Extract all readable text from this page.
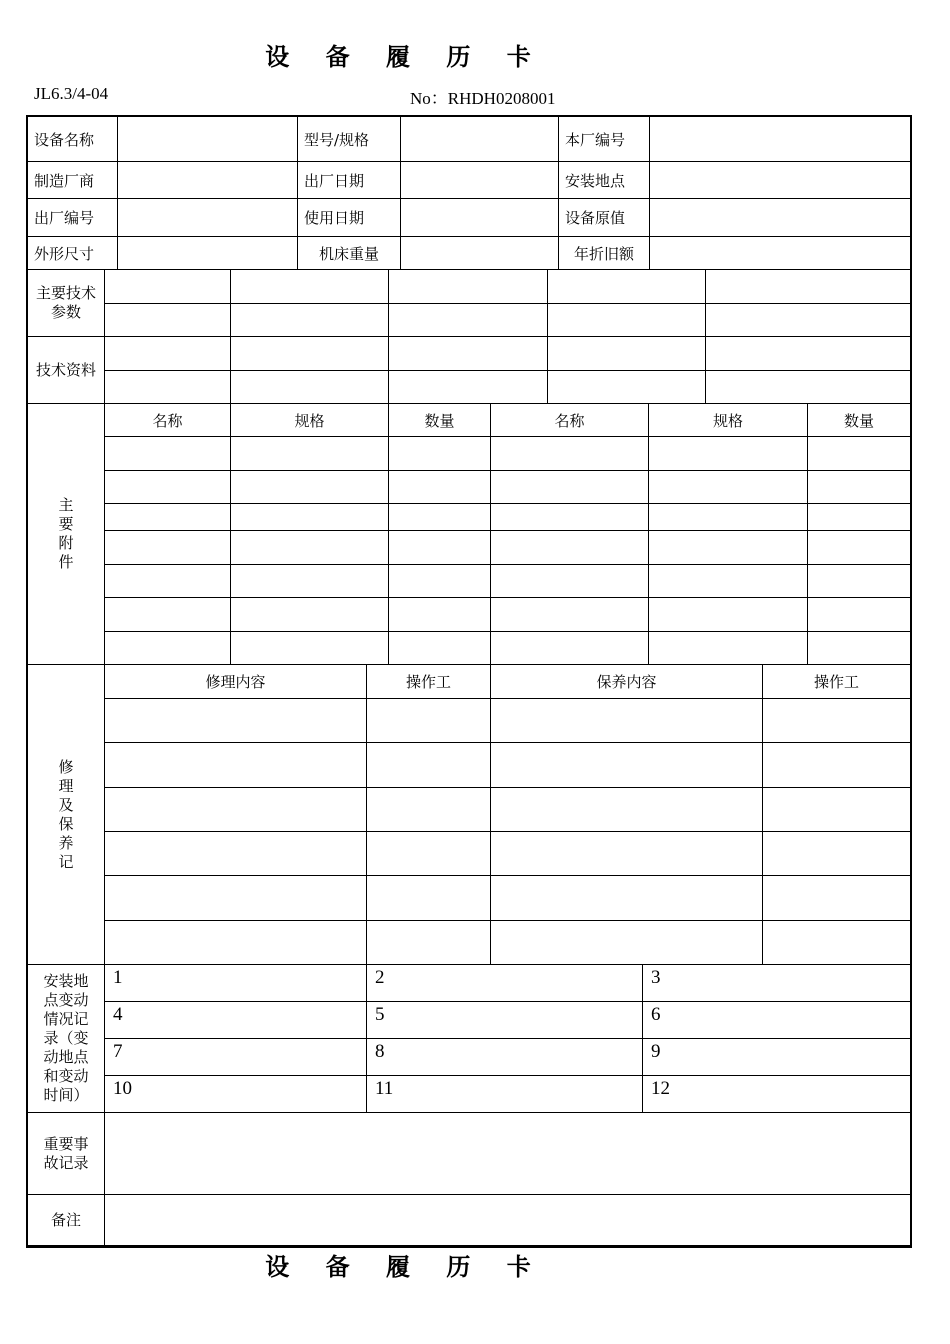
设 备 履 历 卡
JL6.3/4-04	No：RHDH0208001
设备名称		型号/规格		本厂编号	
制造厂商		出厂日期		安装地点	
出厂编号		使用日期		设备原值	
外形尺寸		机床重量		年折旧额	
主要技术参数					

技术资料					

主要附件	名称	规格	数量	名称	规格	数量

修理及保养记	修理内容	操作工	保养内容	操作工

安装地点变动情况记录（变动地点和变动时间）	1	2	3
	4	5	6
	7	8	9
	10	11	12
重要事故记录	
备注	
设 备 履 历 卡
